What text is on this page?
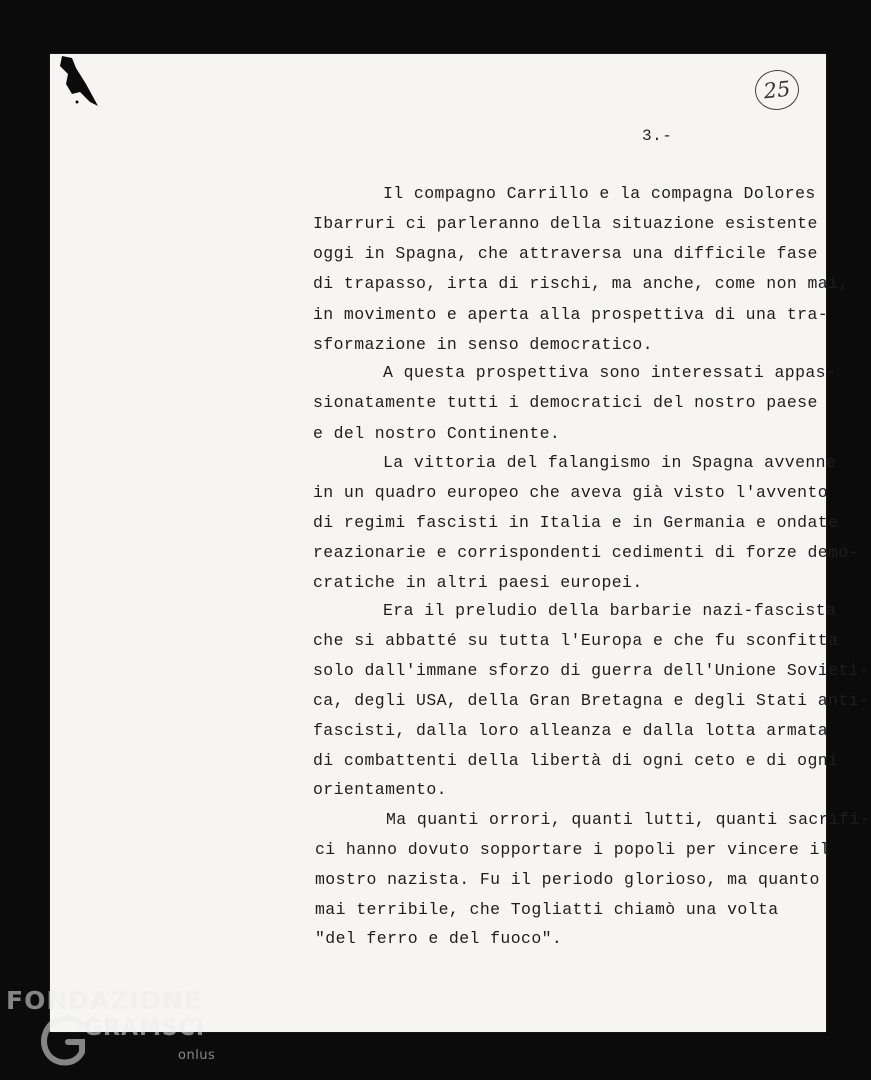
25
3.-
Il compagno Carrillo e la compagna Dolores
Ibarruri ci parleranno della situazione esistente
oggi in Spagna, che attraversa una difficile fase
di trapasso, irta di rischi, ma anche, come non mai,
in movimento e aperta alla prospettiva di una tra-
sformazione in senso democratico.
A questa prospettiva sono interessati appas-
sionatamente tutti i democratici del nostro paese
e del nostro Continente.
La vittoria del falangismo in Spagna avvenne
in un quadro europeo che aveva già visto l'avvento
di regimi fascisti in Italia e in Germania e ondate
reazionarie e corrispondenti cedimenti di forze demo-
cratiche in altri paesi europei.
Era il preludio della barbarie nazi-fascista
che si abbatté su tutta l'Europa e che fu sconfitta
solo dall'immane sforzo di guerra dell'Unione Sovieti-
ca, degli USA, della Gran Bretagna e degli Stati anti-
fascisti, dalla loro alleanza e dalla lotta armata
di combattenti della libertà di ogni ceto e di ogni
orientamento.
Ma quanti orrori, quanti lutti, quanti sacrifi-
ci hanno dovuto sopportare i popoli per vincere il
mostro nazista. Fu il periodo glorioso, ma quanto
mai terribile, che Togliatti chiamò una volta
"del ferro e del fuoco".
FONDAZIONE
GRAMSCI
onlus
